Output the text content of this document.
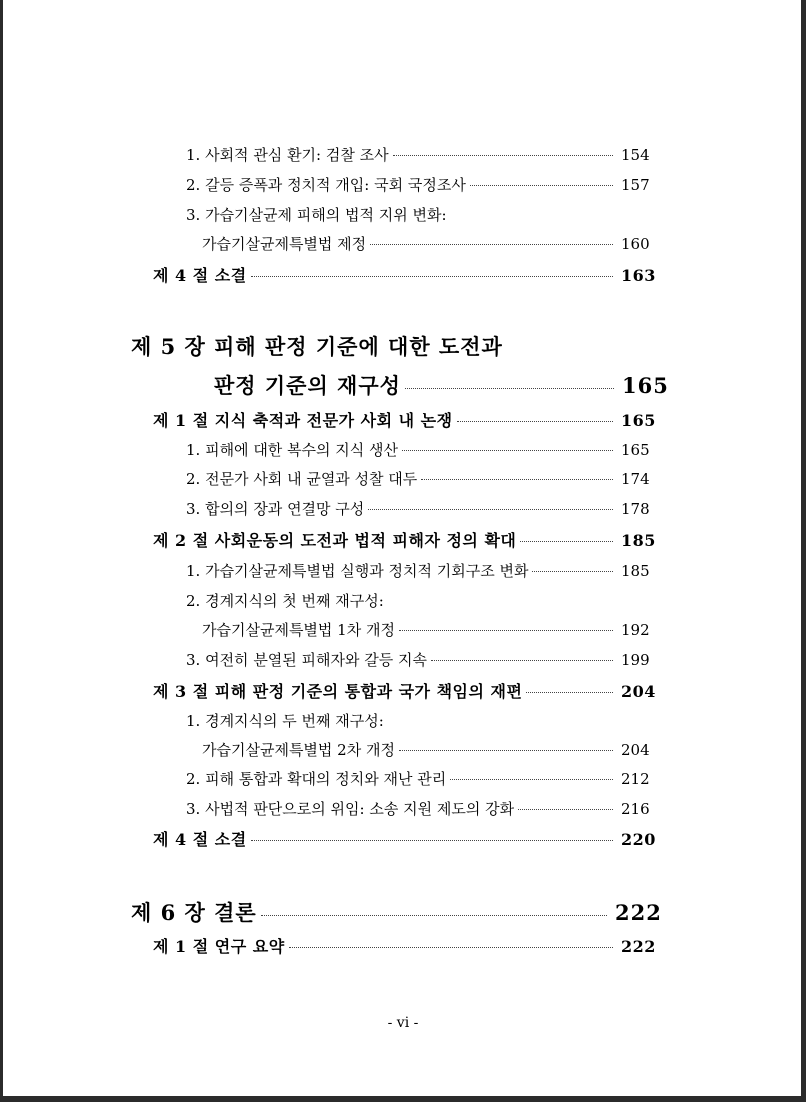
1. 사회적 관심 환기: 검찰 조사	154
2. 갈등 증폭과 정치적 개입: 국회 국정조사	157
3. 가습기살균제 피해의 법적 지위 변화:
가습기살균제특별법 제정	160
제 4 절 소결	163
제 5 장 피해 판정 기준에 대한 도전과
판정 기준의 재구성	165
제 1 절 지식 축적과 전문가 사회 내 논쟁	165
1. 피해에 대한 복수의 지식 생산	165
2. 전문가 사회 내 균열과 성찰 대두	174
3. 합의의 장과 연결망 구성	178
제 2 절 사회운동의 도전과 법적 피해자 정의 확대	185
1. 가습기살균제특별법 실행과 정치적 기회구조 변화	185
2. 경계지식의 첫 번째 재구성:
가습기살균제특별법 1차 개정	192
3. 여전히 분열된 피해자와 갈등 지속	199
제 3 절 피해 판정 기준의 통합과 국가 책임의 재편	204
1. 경계지식의 두 번째 재구성:
가습기살균제특별법 2차 개정	204
2. 피해 통합과 확대의 정치와 재난 관리	212
3. 사법적 판단으로의 위임: 소송 지원 제도의 강화	216
제 4 절 소결	220
제 6 장 결론	222
제 1 절 연구 요약	222
- vi -
